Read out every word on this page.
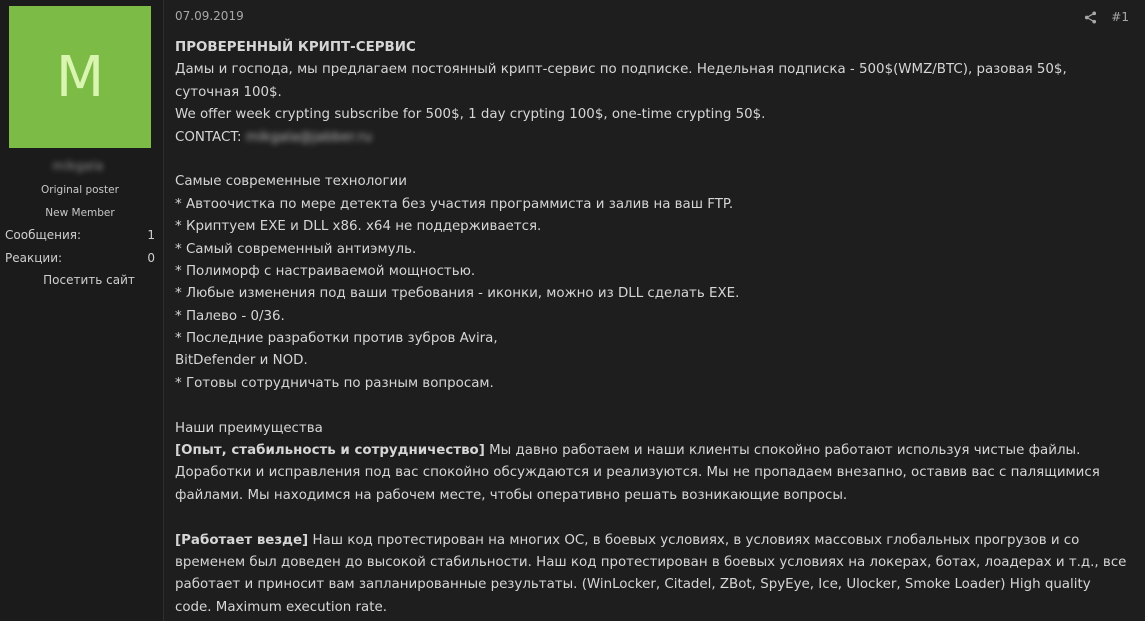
M
mikgala
Original poster
New Member
Сообщения:	1
Реакции:	0
Посетить сайт
07.09.2019	#1
ПРОВЕРЕННЫЙ КРИПТ-СЕРВИС
Дамы и господа, мы предлагаем постоянный крипт-сервис по подписке. Недельная подписка - 500$(WMZ/BTC), разовая 50$,
суточная 100$.
We offer week crypting subscribe for 500$, 1 day crypting 100$, one-time crypting 50$.
CONTACT: mikgala@jabber.ru
Самые современные технологии
* Автоочистка по мере детекта без участия программиста и залив на ваш FTP.
* Криптуем EXE и DLL x86. x64 не поддерживается.
* Самый современный антиэмуль.
* Полиморф с настраиваемой мощностью.
* Любые изменения под ваши требования - иконки, можно из DLL сделать EXE.
* Палево - 0/36.
* Последние разработки против зубров Avira,
BitDefender и NOD.
* Готовы сотрудничать по разным вопросам.
Наши преимущества
[Опыт, стабильность и сотрудничество] Мы давно работаем и наши клиенты спокойно работают используя чистые файлы.
Доработки и исправления под вас спокойно обсуждаются и реализуются. Мы не пропадаем внезапно, оставив вас с палящимися
файлами. Мы находимся на рабочем месте, чтобы оперативно решать возникающие вопросы.
[Работает везде] Наш код протестирован на многих ОС, в боевых условиях, в условиях массовых глобальных прогрузов и со
временем был доведен до высокой стабильности. Наш код протестирован в боевых условиях на локерах, ботах, лоадерах и т.д., все
работает и приносит вам запланированные результаты. (WinLocker, Citadel, ZBot, SpyEye, Ice, Ulocker, Smoke Loader) High quality
code. Maximum execution rate.
